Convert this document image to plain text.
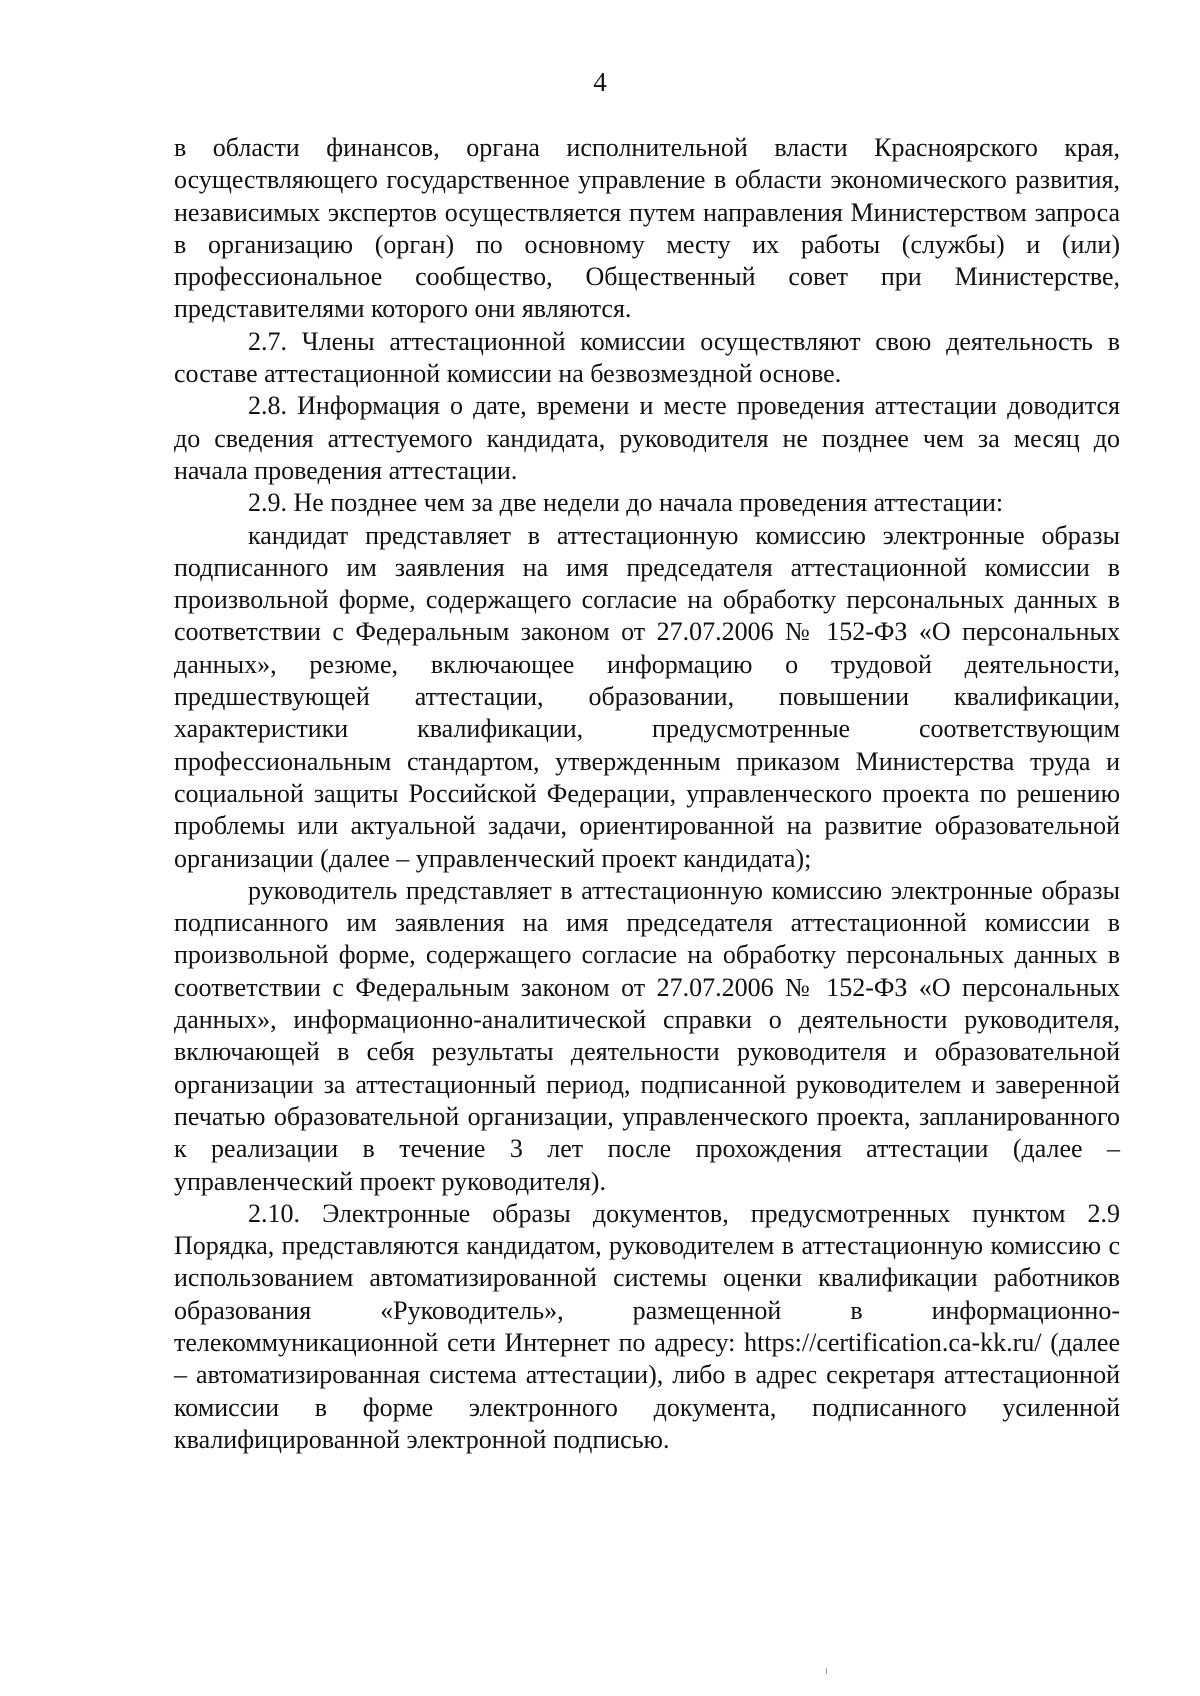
4

в области финансов, органа исполнительной власти Красноярского края, осуществляющего государственное управление в области экономического развития, независимых экспертов осуществляется путем направления Министерством запроса в организацию (орган) по основному месту их работы (службы) и (или) профессиональное сообщество, Общественный совет при Министерстве, представителями которого они являются.

2.7. Члены аттестационной комиссии осуществляют свою деятельность в составе аттестационной комиссии на безвозмездной основе.

2.8. Информация о дате, времени и месте проведения аттестации доводится до сведения аттестуемого кандидата, руководителя не позднее чем за месяц до начала проведения аттестации.

2.9. Не позднее чем за две недели до начала проведения аттестации:

кандидат представляет в аттестационную комиссию электронные образы подписанного им заявления на имя председателя аттестационной комиссии в произвольной форме, содержащего согласие на обработку персональных данных в соответствии с Федеральным законом от 27.07.2006 № 152-ФЗ «О персональных данных», резюме, включающее информацию о трудовой деятельности, предшествующей аттестации, образовании, повышении квалификации, характеристики квалификации, предусмотренные соответствующим профессиональным стандартом, утвержденным приказом Министерства труда и социальной защиты Российской Федерации, управленческого проекта по решению проблемы или актуальной задачи, ориентированной на развитие образовательной организации (далее – управленческий проект кандидата);

руководитель представляет в аттестационную комиссию электронные образы подписанного им заявления на имя председателя аттестационной комиссии в произвольной форме, содержащего согласие на обработку персональных данных в соответствии с Федеральным законом от 27.07.2006 № 152-ФЗ «О персональных данных», информационно-аналитической справки о деятельности руководителя, включающей в себя результаты деятельности руководителя и образовательной организации за аттестационный период, подписанной руководителем и заверенной печатью образовательной организации, управленческого проекта, запланированного к реализации в течение 3 лет после прохождения аттестации (далее – управленческий проект руководителя).

2.10. Электронные образы документов, предусмотренных пунктом 2.9 Порядка, представляются кандидатом, руководителем в аттестационную комиссию с использованием автоматизированной системы оценки квалификации работников образования «Руководитель», размещенной в информационно-телекоммуникационной сети Интернет по адресу: https://certification.ca-kk.ru/ (далее – автоматизированная система аттестации), либо в адрес секретаря аттестационной комиссии в форме электронного документа, подписанного усиленной квалифицированной электронной подписью.
